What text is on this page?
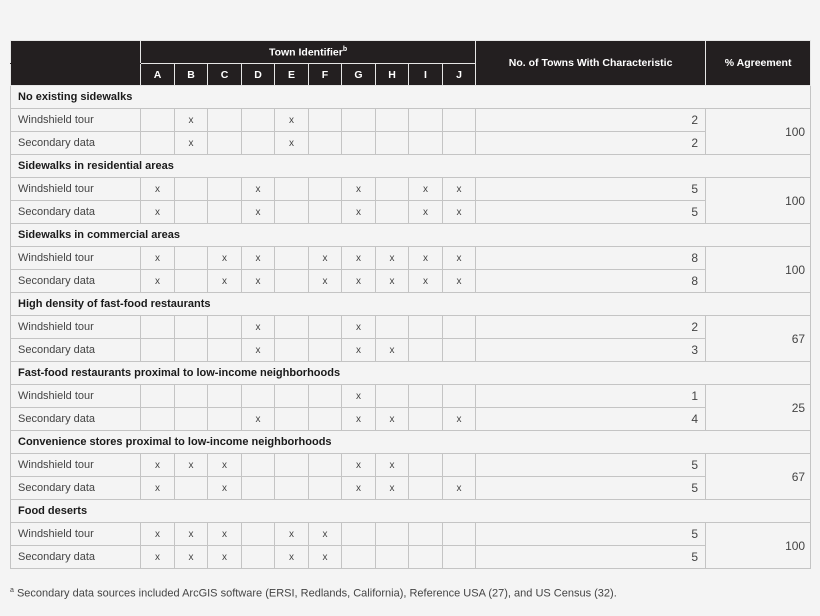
	Town Identifier$^b$										No. of Towns With Characteristic	% Agreement
	A	B	C	D	E	F	G	H	I	J		
No existing sidewalks												
Windshield tour		x			x						2	100
Secondary data		x			x						2	
Sidewalks in residential areas												
Windshield tour	x			x			x		x	x	5	100
Secondary data	x			x			x		x	x	5	
Sidewalks in commercial areas												
Windshield tour	x		x	x		x	x	x	x	x	8	100
Secondary data	x		x	x		x	x	x	x	x	8	
High density of fast-food restaurants												
Windshield tour				x			x				2	67
Secondary data				x			x	x			3	
Fast-food restaurants proximal to low-income neighborhoods												
Windshield tour							x				1	25
Secondary data				x			x	x		x	4	
Convenience stores proximal to low-income neighborhoods												
Windshield tour	x	x	x				x	x			5	67
Secondary data	x		x				x	x		x	5	
Food deserts												
Windshield tour	x	x	x		x	x					5	100
Secondary data	x	x	x		x	x					5	
$^a$ Secondary data sources included ArcGIS software (ERSI, Redlands, California), Reference USA (27), and US Census (32).
